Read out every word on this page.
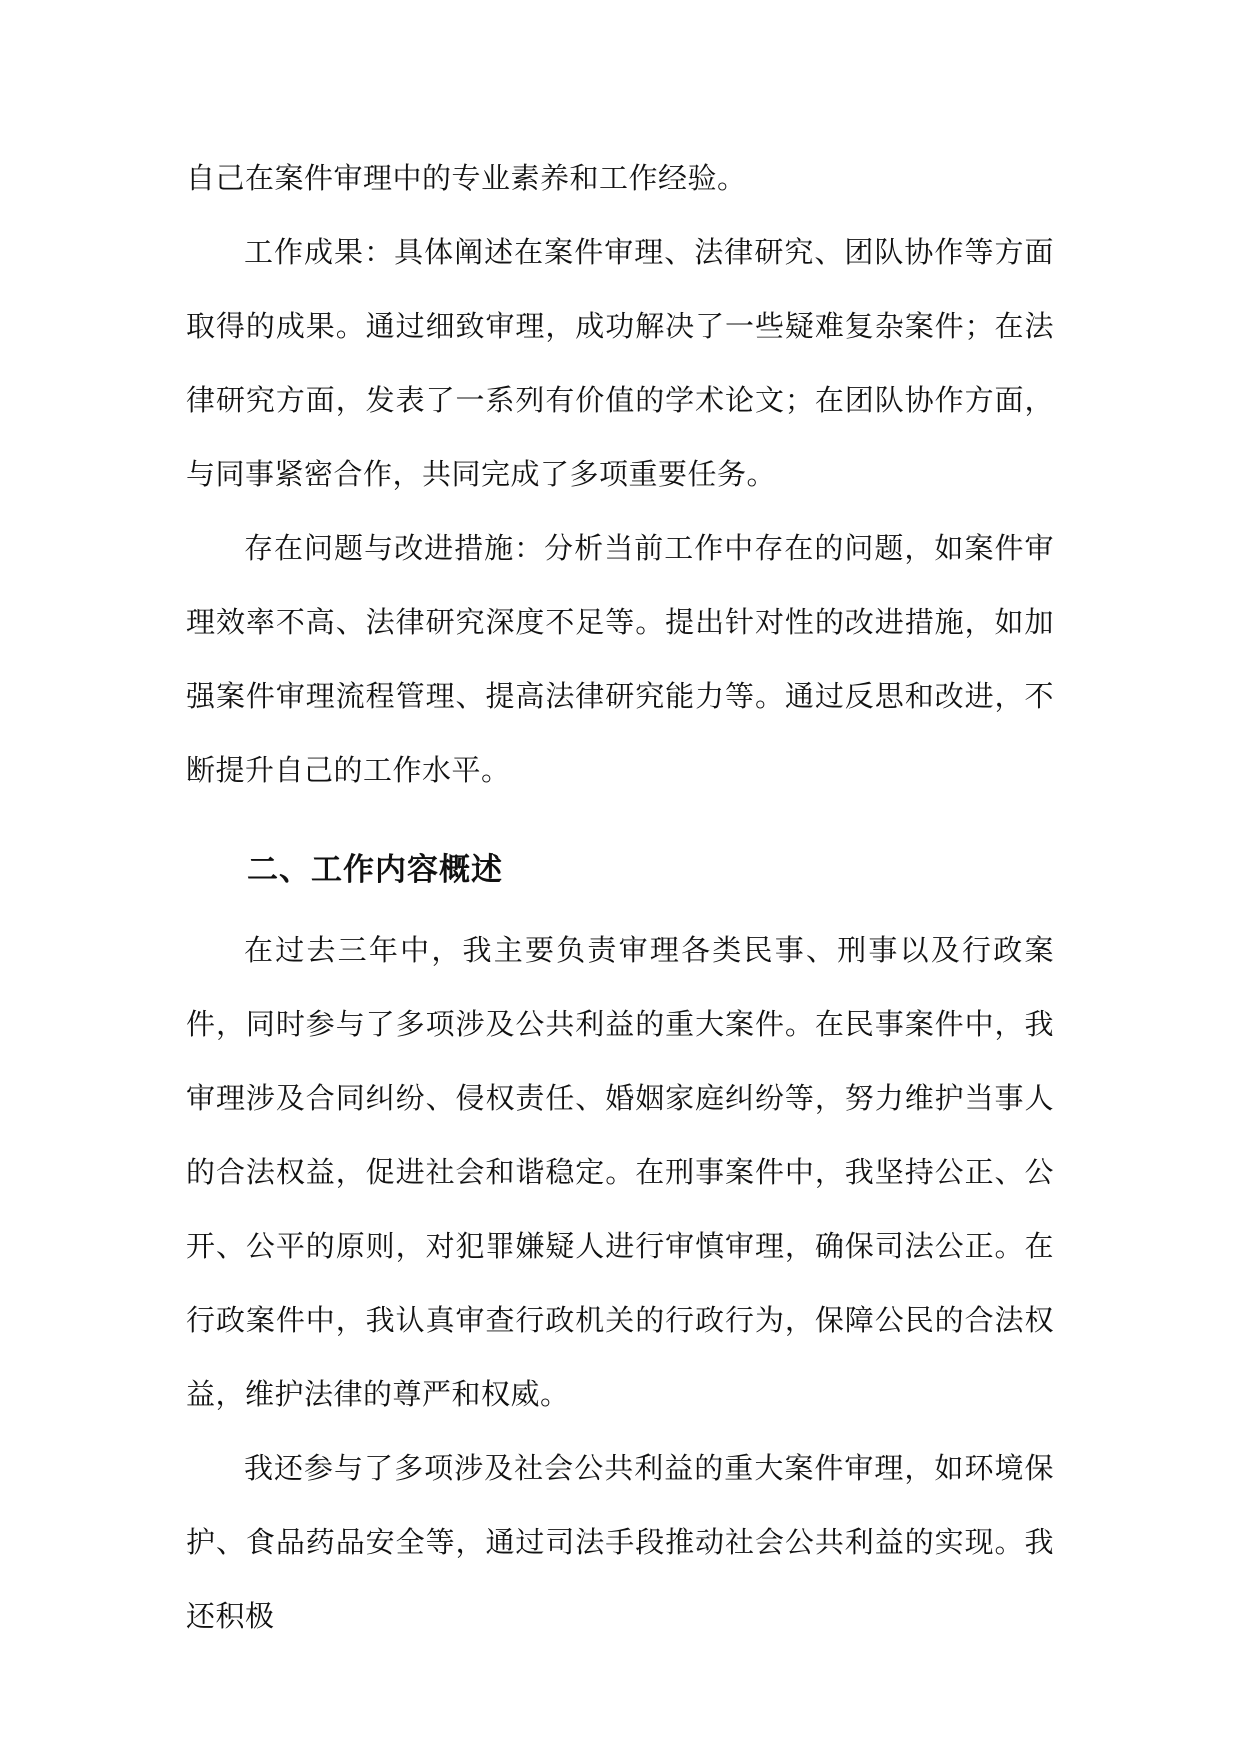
自己在案件审理中的专业素养和工作经验。

工作成果：具体阐述在案件审理、法律研究、团队协作等方面取得的成果。通过细致审理，成功解决了一些疑难复杂案件；在法律研究方面，发表了一系列有价值的学术论文；在团队协作方面，与同事紧密合作，共同完成了多项重要任务。

存在问题与改进措施：分析当前工作中存在的问题，如案件审理效率不高、法律研究深度不足等。提出针对性的改进措施，如加强案件审理流程管理、提高法律研究能力等。通过反思和改进，不断提升自己的工作水平。

二、工作内容概述

在过去三年中，我主要负责审理各类民事、刑事以及行政案件，同时参与了多项涉及公共利益的重大案件。在民事案件中，我审理涉及合同纠纷、侵权责任、婚姻家庭纠纷等，努力维护当事人的合法权益，促进社会和谐稳定。在刑事案件中，我坚持公正、公开、公平的原则，对犯罪嫌疑人进行审慎审理，确保司法公正。在行政案件中，我认真审查行政机关的行政行为，保障公民的合法权益，维护法律的尊严和权威。

我还参与了多项涉及社会公共利益的重大案件审理，如环境保护、食品药品安全等，通过司法手段推动社会公共利益的实现。我还积极
